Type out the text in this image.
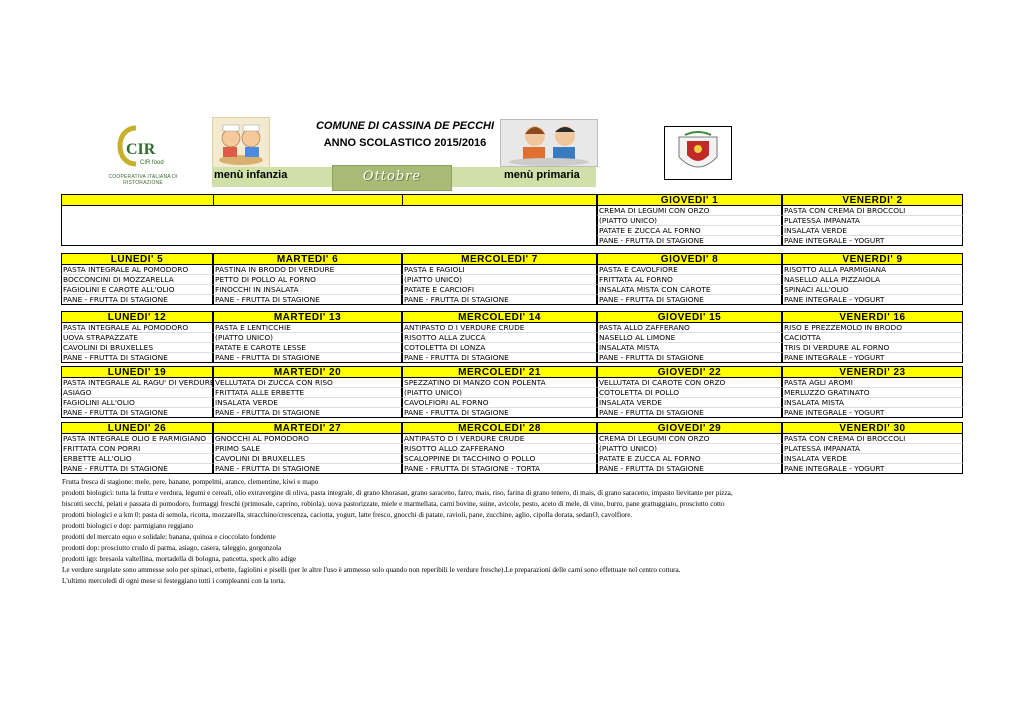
CIR
CIR food
COOPERATIVA ITALIANA DI RISTORAZIONE
COMUNE DI CASSINA DE PECCHI
ANNO SCOLASTICO 2015/2016
menù infanzia	Ottobre	menù primaria
GIOVEDI' 1
CREMA DI LEGUMI CON ORZO
(PIATTO UNICO)
PATATE E ZUCCA AL FORNO
PANE - FRUTTA DI STAGIONE
VENERDI' 2
PASTA CON CREMA DI BROCCOLI
PLATESSA IMPANATA
INSALATA VERDE
PANE INTEGRALE - YOGURT
LUNEDI' 5
PASTA INTEGRALE AL POMODORO
BOCCONCINI DI MOZZARELLA
FAGIOLINI E CAROTE ALL'OLIO
PANE - FRUTTA DI STAGIONE
MARTEDI' 6
PASTINA IN BRODO DI VERDURE
PETTO DI POLLO AL FORNO
FINOCCHI IN INSALATA
PANE - FRUTTA DI STAGIONE
MERCOLEDI' 7
PASTA E FAGIOLI
(PIATTO UNICO)
PATATE E CARCIOFI
PANE - FRUTTA DI STAGIONE
GIOVEDI' 8
PASTA E CAVOLFIORE
FRITTATA AL FORNO
INSALATA MISTA CON CAROTE
PANE - FRUTTA DI STAGIONE
VENERDI' 9
RISOTTO ALLA PARMIGIANA
NASELLO ALLA PIZZAIOLA
SPINACI ALL'OLIO
PANE INTEGRALE - YOGURT
LUNEDI' 12
PASTA INTEGRALE AL POMODORO
UOVA STRAPAZZATE
CAVOLINI DI BRUXELLES
PANE - FRUTTA DI STAGIONE
MARTEDI' 13
PASTA E LENTICCHIE
(PIATTO UNICO)
PATATE E CAROTE LESSE
PANE - FRUTTA DI STAGIONE
MERCOLEDI' 14
ANTIPASTO D I VERDURE CRUDE
RISOTTO ALLA ZUCCA
COTOLETTA DI LONZA
PANE - FRUTTA DI STAGIONE
GIOVEDI' 15
PASTA ALLO ZAFFERANO
NASELLO AL LIMONE
INSALATA MISTA
PANE - FRUTTA DI STAGIONE
VENERDI' 16
RISO E PREZZEMOLO IN BRODO
CACIOTTA
TRIS DI VERDURE AL FORNO
PANE INTEGRALE - YOGURT
LUNEDI' 19
PASTA INTEGRALE AL RAGU' DI VERDURE
ASIAGO
FAGIOLINI ALL'OLIO
PANE - FRUTTA DI STAGIONE
MARTEDI' 20
VELLUTATA DI ZUCCA CON RISO
FRITTATA ALLE ERBETTE
INSALATA VERDE
PANE - FRUTTA DI STAGIONE
MERCOLEDI' 21
SPEZZATINO DI MANZO CON POLENTA
(PIATTO UNICO)
CAVOLFIORI AL FORNO
PANE - FRUTTA DI STAGIONE
GIOVEDI' 22
VELLUTATA DI CAROTE CON ORZO
COTOLETTA DI POLLO
INSALATA VERDE
PANE - FRUTTA DI STAGIONE
VENERDI' 23
PASTA AGLI AROMI
MERLUZZO GRATINATO
INSALATA MISTA
PANE INTEGRALE - YOGURT
LUNEDI' 26
PASTA INTEGRALE OLIO E PARMIGIANO
FRITTATA CON PORRI
ERBETTE ALL'OLIO
PANE - FRUTTA DI STAGIONE
MARTEDI' 27
GNOCCHI AL POMODORO
PRIMO SALE
CAVOLINI DI BRUXELLES
PANE - FRUTTA DI STAGIONE
MERCOLEDI' 28
ANTIPASTO D I VERDURE CRUDE
RISOTTO ALLO ZAFFERANO
SCALOPPINE DI TACCHINO O POLLO
PANE - FRUTTA DI STAGIONE - TORTA
GIOVEDI' 29
CREMA DI LEGUMI CON ORZO
(PIATTO UNICO)
PATATE E ZUCCA AL FORNO
PANE - FRUTTA DI STAGIONE
VENERDI' 30
PASTA CON CREMA DI BROCCOLI
PLATESSA IMPANATA
INSALATA VERDE
PANE INTEGRALE - YOGURT
Frutta fresca di stagione: mele, pere, banane, pompelmi, arance, clementine, kiwi e mapo
prodotti biologici: tutta la frutta e verdura, legumi e cereali, olio extravergine di oliva, pasta integrale, di grano khorasan, grano saraceno, farro, mais, riso, farina di grano tenero, di mais, di grano saraceno, impasto lievitante per pizza,
biscotti secchi, pelati e passata di pomodoro, formaggi freschi (primosale, caprino, robiola), uova pastorizzate, miele e marmellata, carni bovine, suine, avicole, pesto, aceto di mele, di vino, burro, pane grattuggiato, prosciutto cotto
prodotti biologici e a km 0: pasta di semola, ricotta, mozzarella, stracchino/crescenza, caciotta, yogurt, latte fresco, gnocchi di patate, ravioli, pane, zucchine, aglio, cipolla dorata, sedanO, cavolfiore.
prodotti biologici e dop: parmigiano reggiano
prodotti del mercato equo e solidale: banana, quinoa e cioccolato fondente
prodotti dop: prosciutto crudo di parma, asiago, casera, taleggio, gorgonzola
prodotti igp: bresaola valtellina, mortadella di bologna, pancetta, speck alto adige
Le verdure surgelate sono ammesse solo per spinaci, erbette, fagiolini e piselli (per le altre l'uso è ammesso solo quando non reperibili le verdure fresche).Le preparazioni delle carni sono effettuate nel centro cottura.
L'ultimo mercoledì di ogni mese si festeggiano tutti i compleanni con la torta.
